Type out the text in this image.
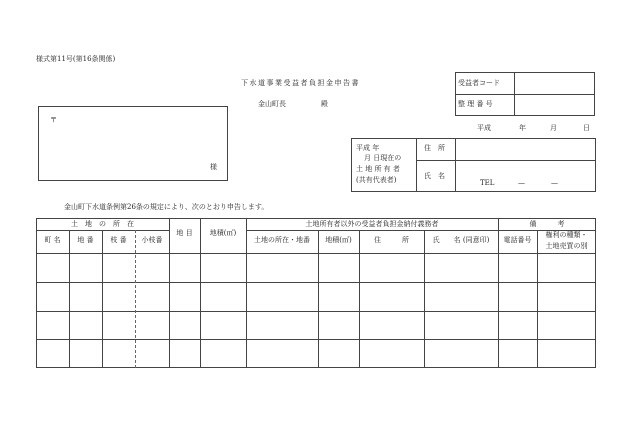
様式第11号(第16条関係)
下水道事業受益者負担金申告書
金山町長	殿
受益者コード
整 理 番 号
平成	年	月	日
〒
様
平成 年
月 日現在の
土 地 所 有 者
(共有代表者)
住　所
氏　名
TEL	—	—
金山町下水道条例第26条の規定により、次のとおり申告します。
土　地　の　所　在
町 名	地 番	枝 番	小枝番
地 目	地積(㎡)
土地所有者以外の受益者負担金納付義務者
土地の所在・地番	地積(㎡)	住　　　所	氏　　名 (同意印)
備　　　考
電話番号
権利の種類・
土地売買の別
